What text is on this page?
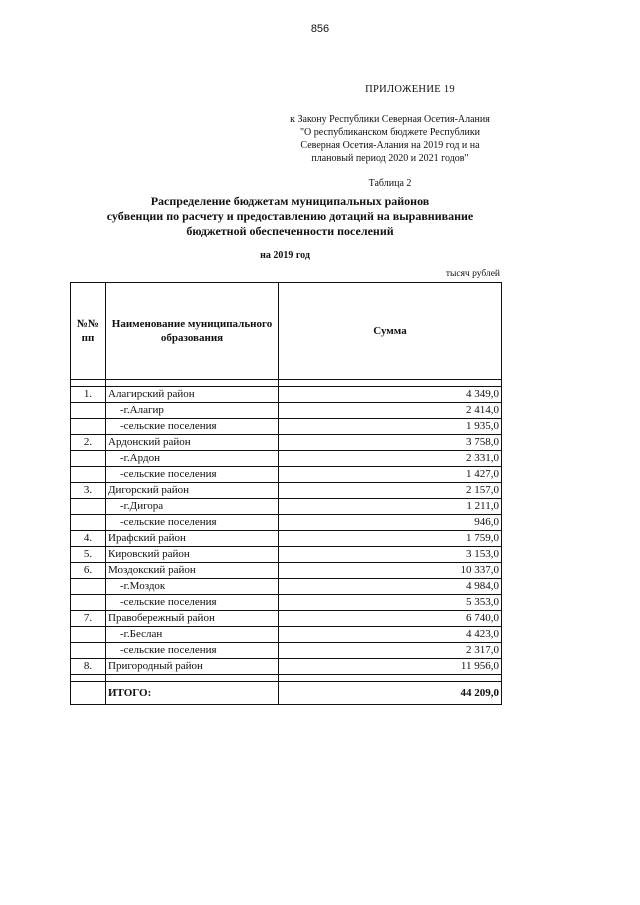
856
ПРИЛОЖЕНИЕ 19
к Закону Республики Северная Осетия-Алания
"О республиканском бюджете Республики
Северная Осетия-Алания на 2019 год и на
плановый период 2020 и 2021 годов"
Таблица 2
Распределение бюджетам муниципальных районов
субвенции по расчету и предоставлению дотаций на выравнивание
бюджетной обеспеченности поселений
на 2019 год
тысяч рублей
№№ пп	Наименование муниципального образования	Сумма

1.	Алагирский район	4 349,0
	-г.Алагир	2 414,0
	-сельские поселения	1 935,0
2.	Ардонский район	3 758,0
	-г.Ардон	2 331,0
	-сельские поселения	1 427,0
3.	Дигорский район	2 157,0
	-г.Дигора	1 211,0
	-сельские поселения	946,0
4.	Ирафский район	1 759,0
5.	Кировский район	3 153,0
6.	Моздокский район	10 337,0
	-г.Моздок	4 984,0
	-сельские поселения	5 353,0
7.	Правобережный район	6 740,0
	-г.Беслан	4 423,0
	-сельские поселения	2 317,0
8.	Пригородный район	11 956,0

	ИТОГО:	44 209,0
